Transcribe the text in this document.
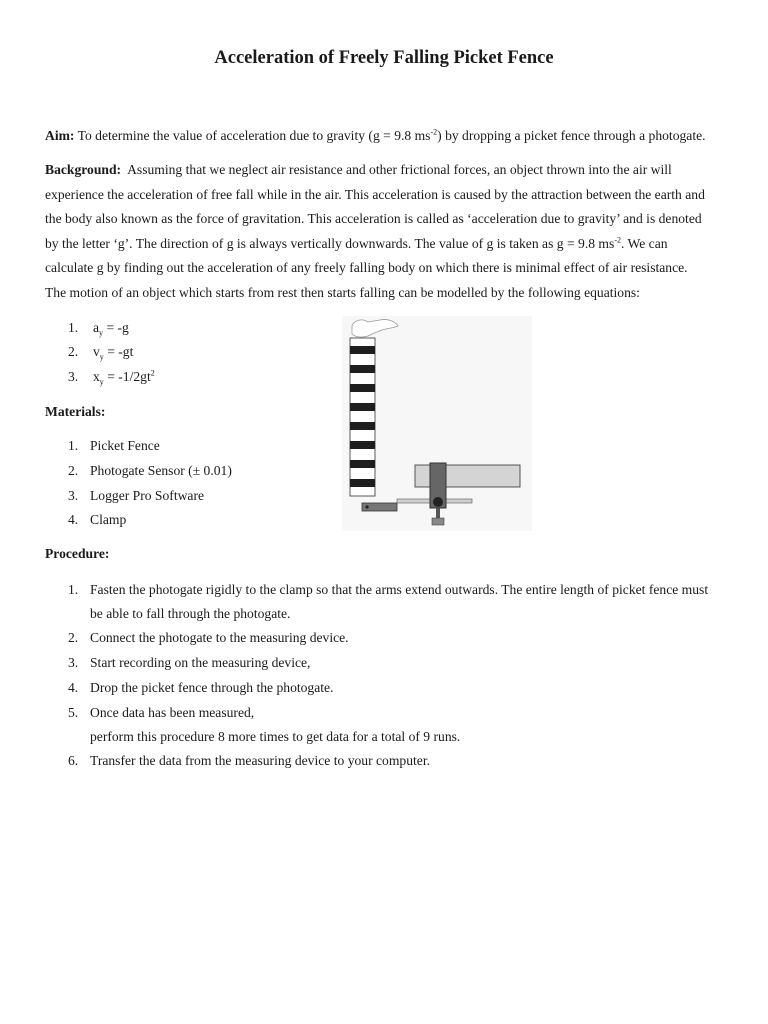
Acceleration of Freely Falling Picket Fence
Aim: To determine the value of acceleration due to gravity (g = 9.8 $ms^{-2}$) by dropping a picket fence through a photogate.
Background:  Assuming that we neglect air resistance and other frictional forces, an object thrown into the air will
experience the acceleration of free fall while in the air. This acceleration is caused by the attraction between the earth and
the body also known as the force of gravitation. This acceleration is called as ‘acceleration due to gravity’ and is denoted
by the letter ‘g’. The direction of g is always vertically downwards. The value of g is taken as g = 9.8 $ms^{-2}$. We can
calculate g by finding out the acceleration of any freely falling body on which there is minimal effect of air resistance.
The motion of an object which starts from rest then starts falling can be modelled by the following equations:
1. $a_y = -g$
2. $v_y = -gt$
3. $x_y = -1/2gt^2$
Materials:
1. Picket Fence
2. Photogate Sensor (± 0.01)
3. Logger Pro Software
4. Clamp
Procedure:
1. Fasten the photogate rigidly to the clamp so that the arms extend outwards. The entire length of picket fence must
be able to fall through the photogate.
2. Connect the photogate to the measuring device.
3. Start recording on the measuring device,
4. Drop the picket fence through the photogate.
5. Once data has been measured,
perform this procedure 8 more times to get data for a total of 9 runs.
6. Transfer the data from the measuring device to your computer.
